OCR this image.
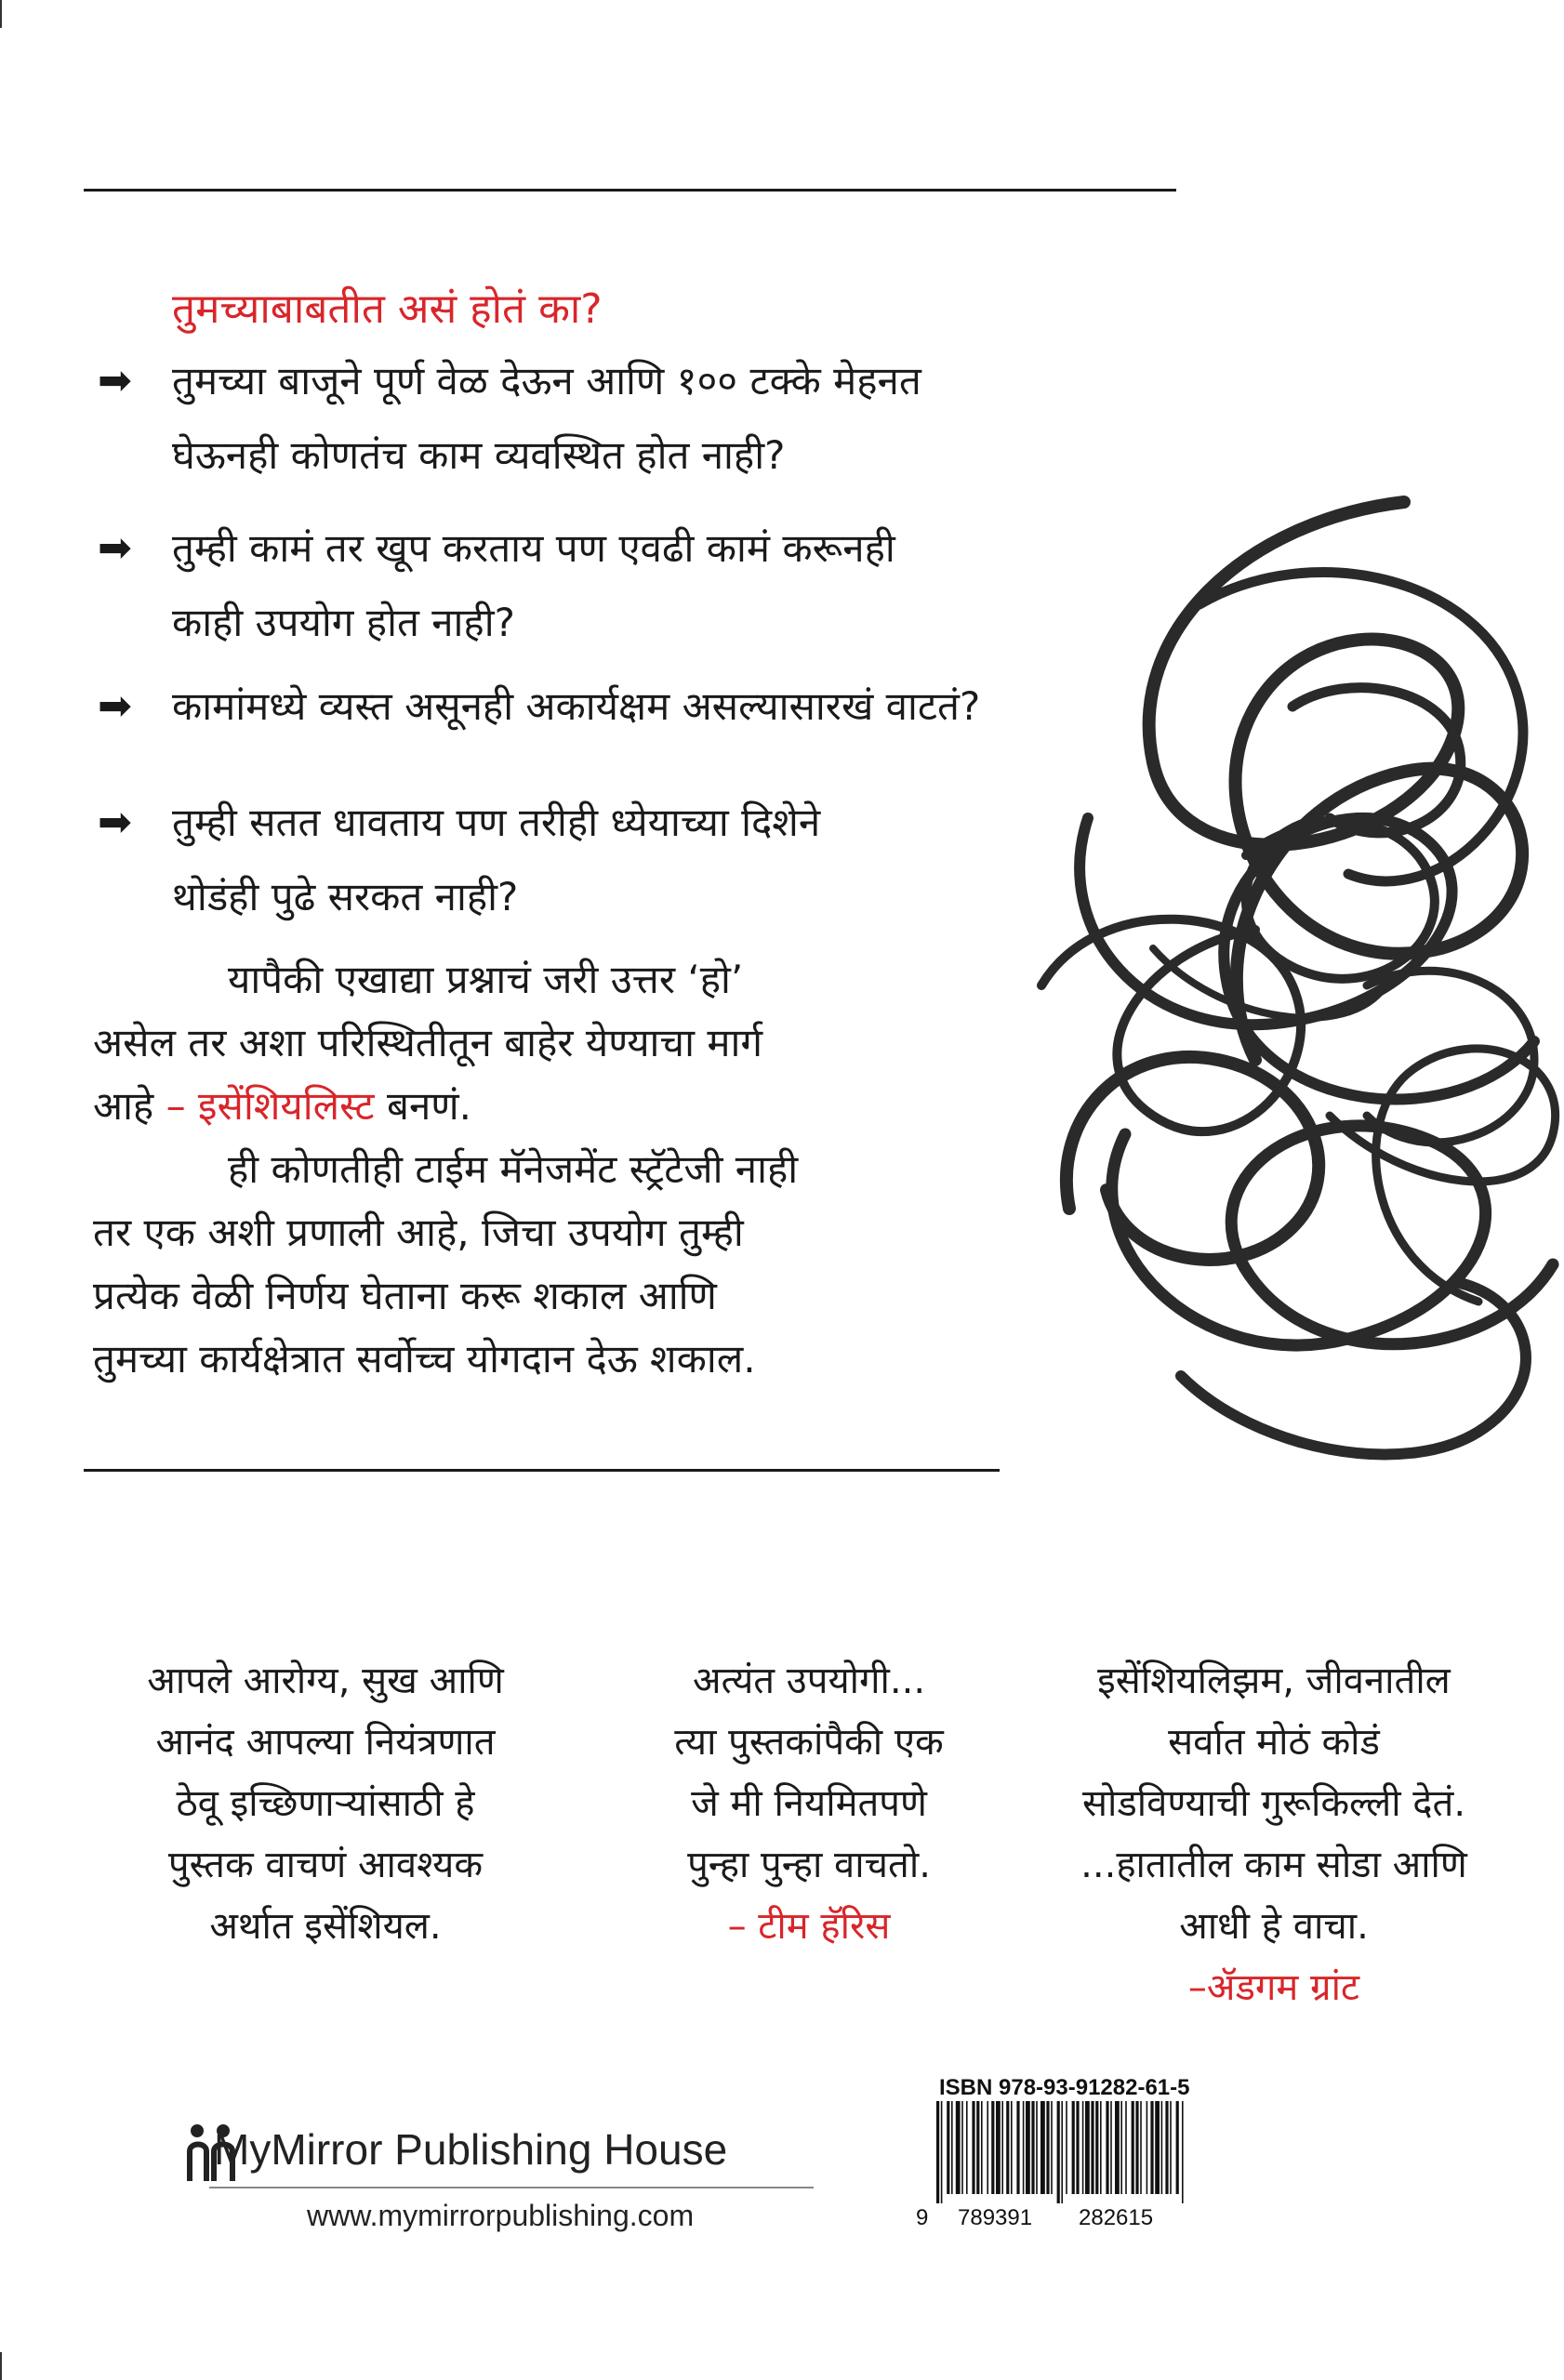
तुमच्याबाबतीत असं होतं का?
➡	तुमच्या बाजूने पूर्ण वेळ देऊन आणि १०० टक्के मेहनत
घेऊनही कोणतंच काम व्यवस्थित होत नाही?
➡	तुम्ही कामं तर खूप करताय पण एवढी कामं करूनही
काही उपयोग होत नाही?
➡	कामांमध्ये व्यस्त असूनही अकार्यक्षम असल्यासारखं वाटतं?
➡	तुम्ही सतत धावताय पण तरीही ध्येयाच्या दिशेने
थोडंही पुढे सरकत नाही?
यापैकी एखाद्या प्रश्नाचं जरी उत्तर ‘हो’
असेल तर अशा परिस्थितीतून बाहेर येण्याचा मार्ग
आहे – इसेंशियलिस्ट बनणं.
ही कोणतीही टाईम मॅनेजमेंट स्ट्रॅटेजी नाही
तर एक अशी प्रणाली आहे, जिचा उपयोग तुम्ही
प्रत्येक वेळी निर्णय घेताना करू शकाल आणि
तुमच्या कार्यक्षेत्रात सर्वोच्च योगदान देऊ शकाल.
आपले आरोग्य, सुख आणि
आनंद आपल्या नियंत्रणात
ठेवू इच्छिणाऱ्यांसाठी हे
पुस्तक वाचणं आवश्यक
अर्थात इसेंशियल.
अत्यंत उपयोगी...
त्या पुस्तकांपैकी एक
जे मी नियमितपणे
पुन्हा पुन्हा वाचतो.
– टीम हॅरिस
इसेंशियलिझम, जीवनातील
सर्वात मोठं कोडं
सोडविण्याची गुरूकिल्ली देतं.
...हातातील काम सोडा आणि
आधी हे वाचा.
–ॲडगम ग्रांट
MyMirror Publishing House
www.mymirrorpublishing.com
ISBN 978-93-91282-61-5
9 789391 282615
